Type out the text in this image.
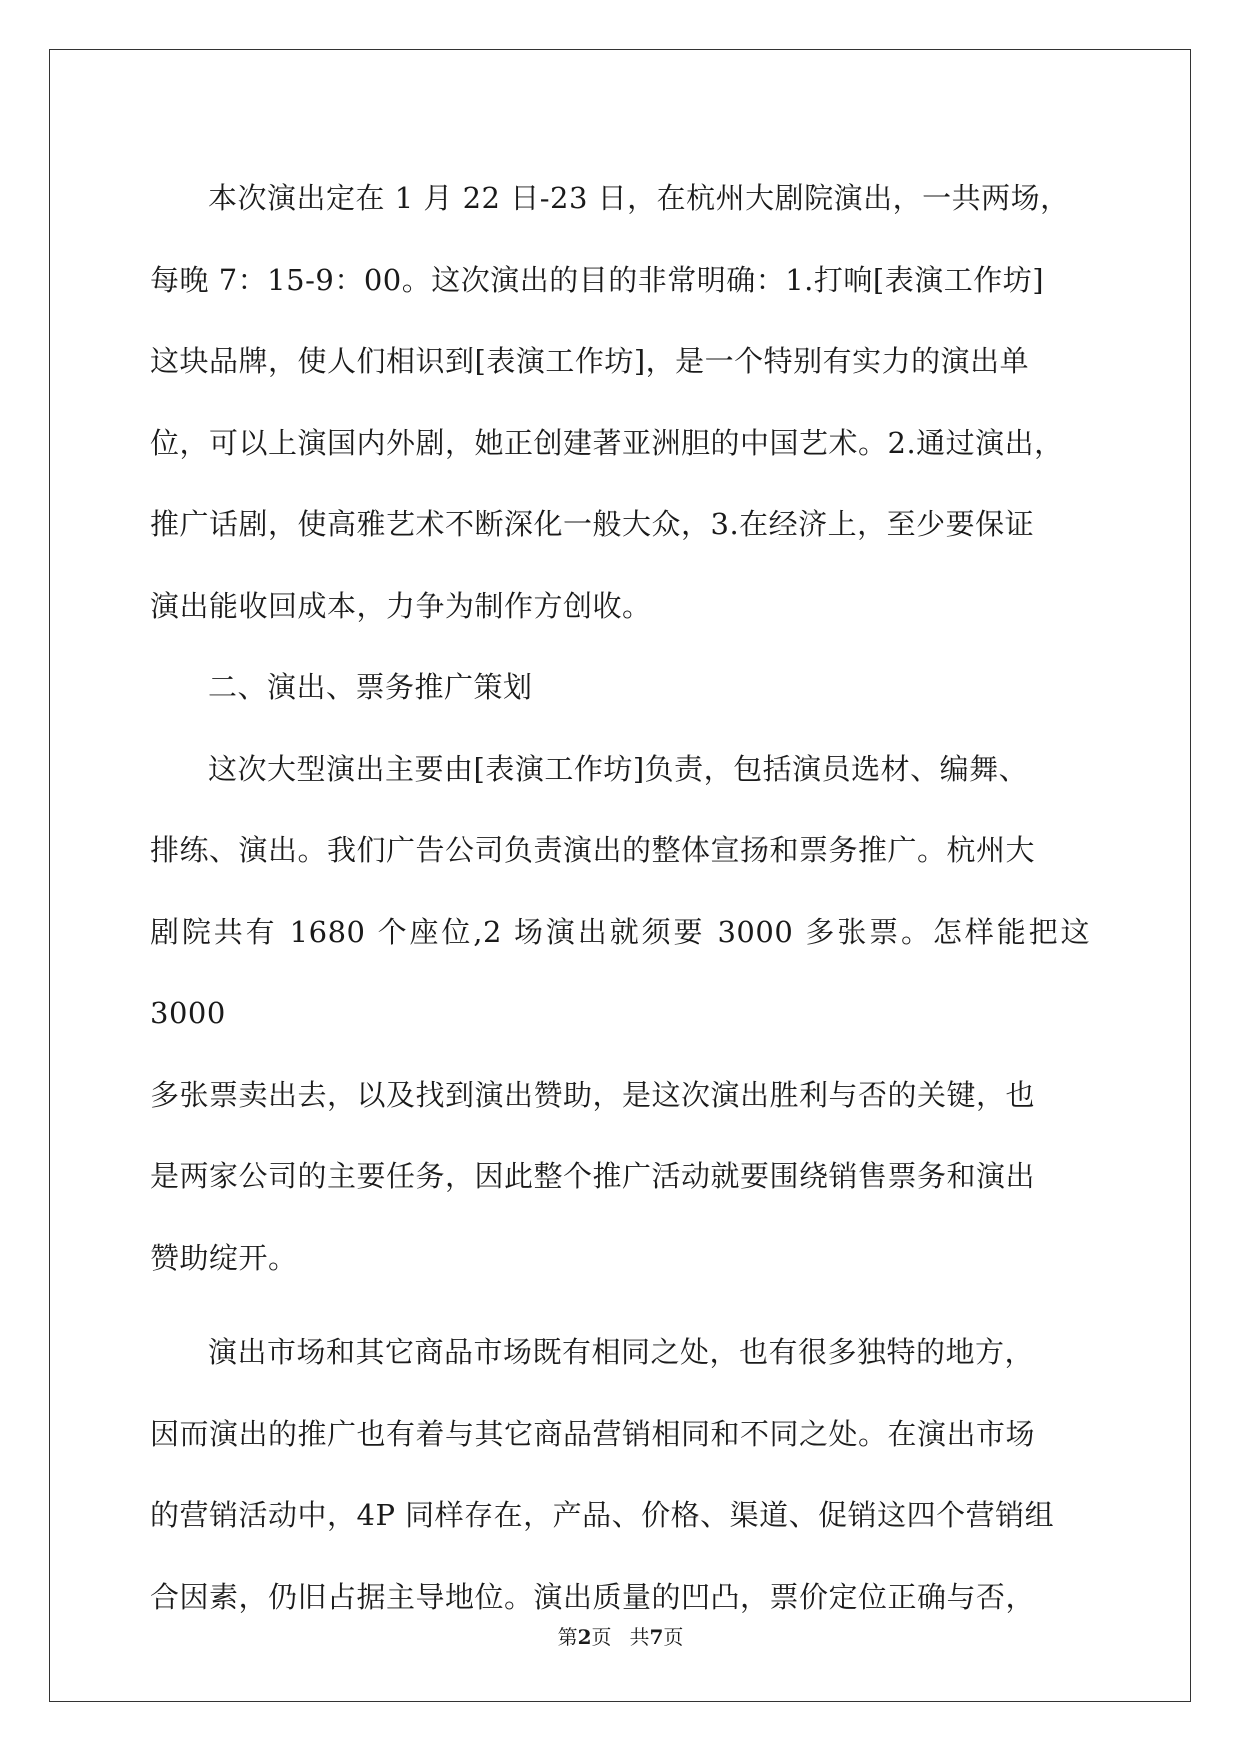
本次演出定在 1 月 22 日-23 日，在杭州大剧院演出，一共两场，
每晚 7：15-9：00。这次演出的目的非常明确：1.打响[表演工作坊]
这块品牌，使人们相识到[表演工作坊]，是一个特别有实力的演出单
位，可以上演国内外剧，她正创建著亚洲胆的中国艺术。2.通过演出，
推广话剧，使高雅艺术不断深化一般大众，3.在经济上，至少要保证
演出能收回成本，力争为制作方创收。
二、演出、票务推广策划
这次大型演出主要由[表演工作坊]负责，包括演员选材、编舞、
排练、演出。我们广告公司负责演出的整体宣扬和票务推广。杭州大
剧院共有 1680 个座位,2 场演出就须要 3000 多张票。怎样能把这 3000
多张票卖出去，以及找到演出赞助，是这次演出胜利与否的关键，也
是两家公司的主要任务，因此整个推广活动就要围绕销售票务和演出
赞助绽开。
演出市场和其它商品市场既有相同之处，也有很多独特的地方，
因而演出的推广也有着与其它商品营销相同和不同之处。在演出市场
的营销活动中，4P 同样存在，产品、价格、渠道、促销这四个营销组
合因素，仍旧占据主导地位。演出质量的凹凸，票价定位正确与否，
第2页 共7页
